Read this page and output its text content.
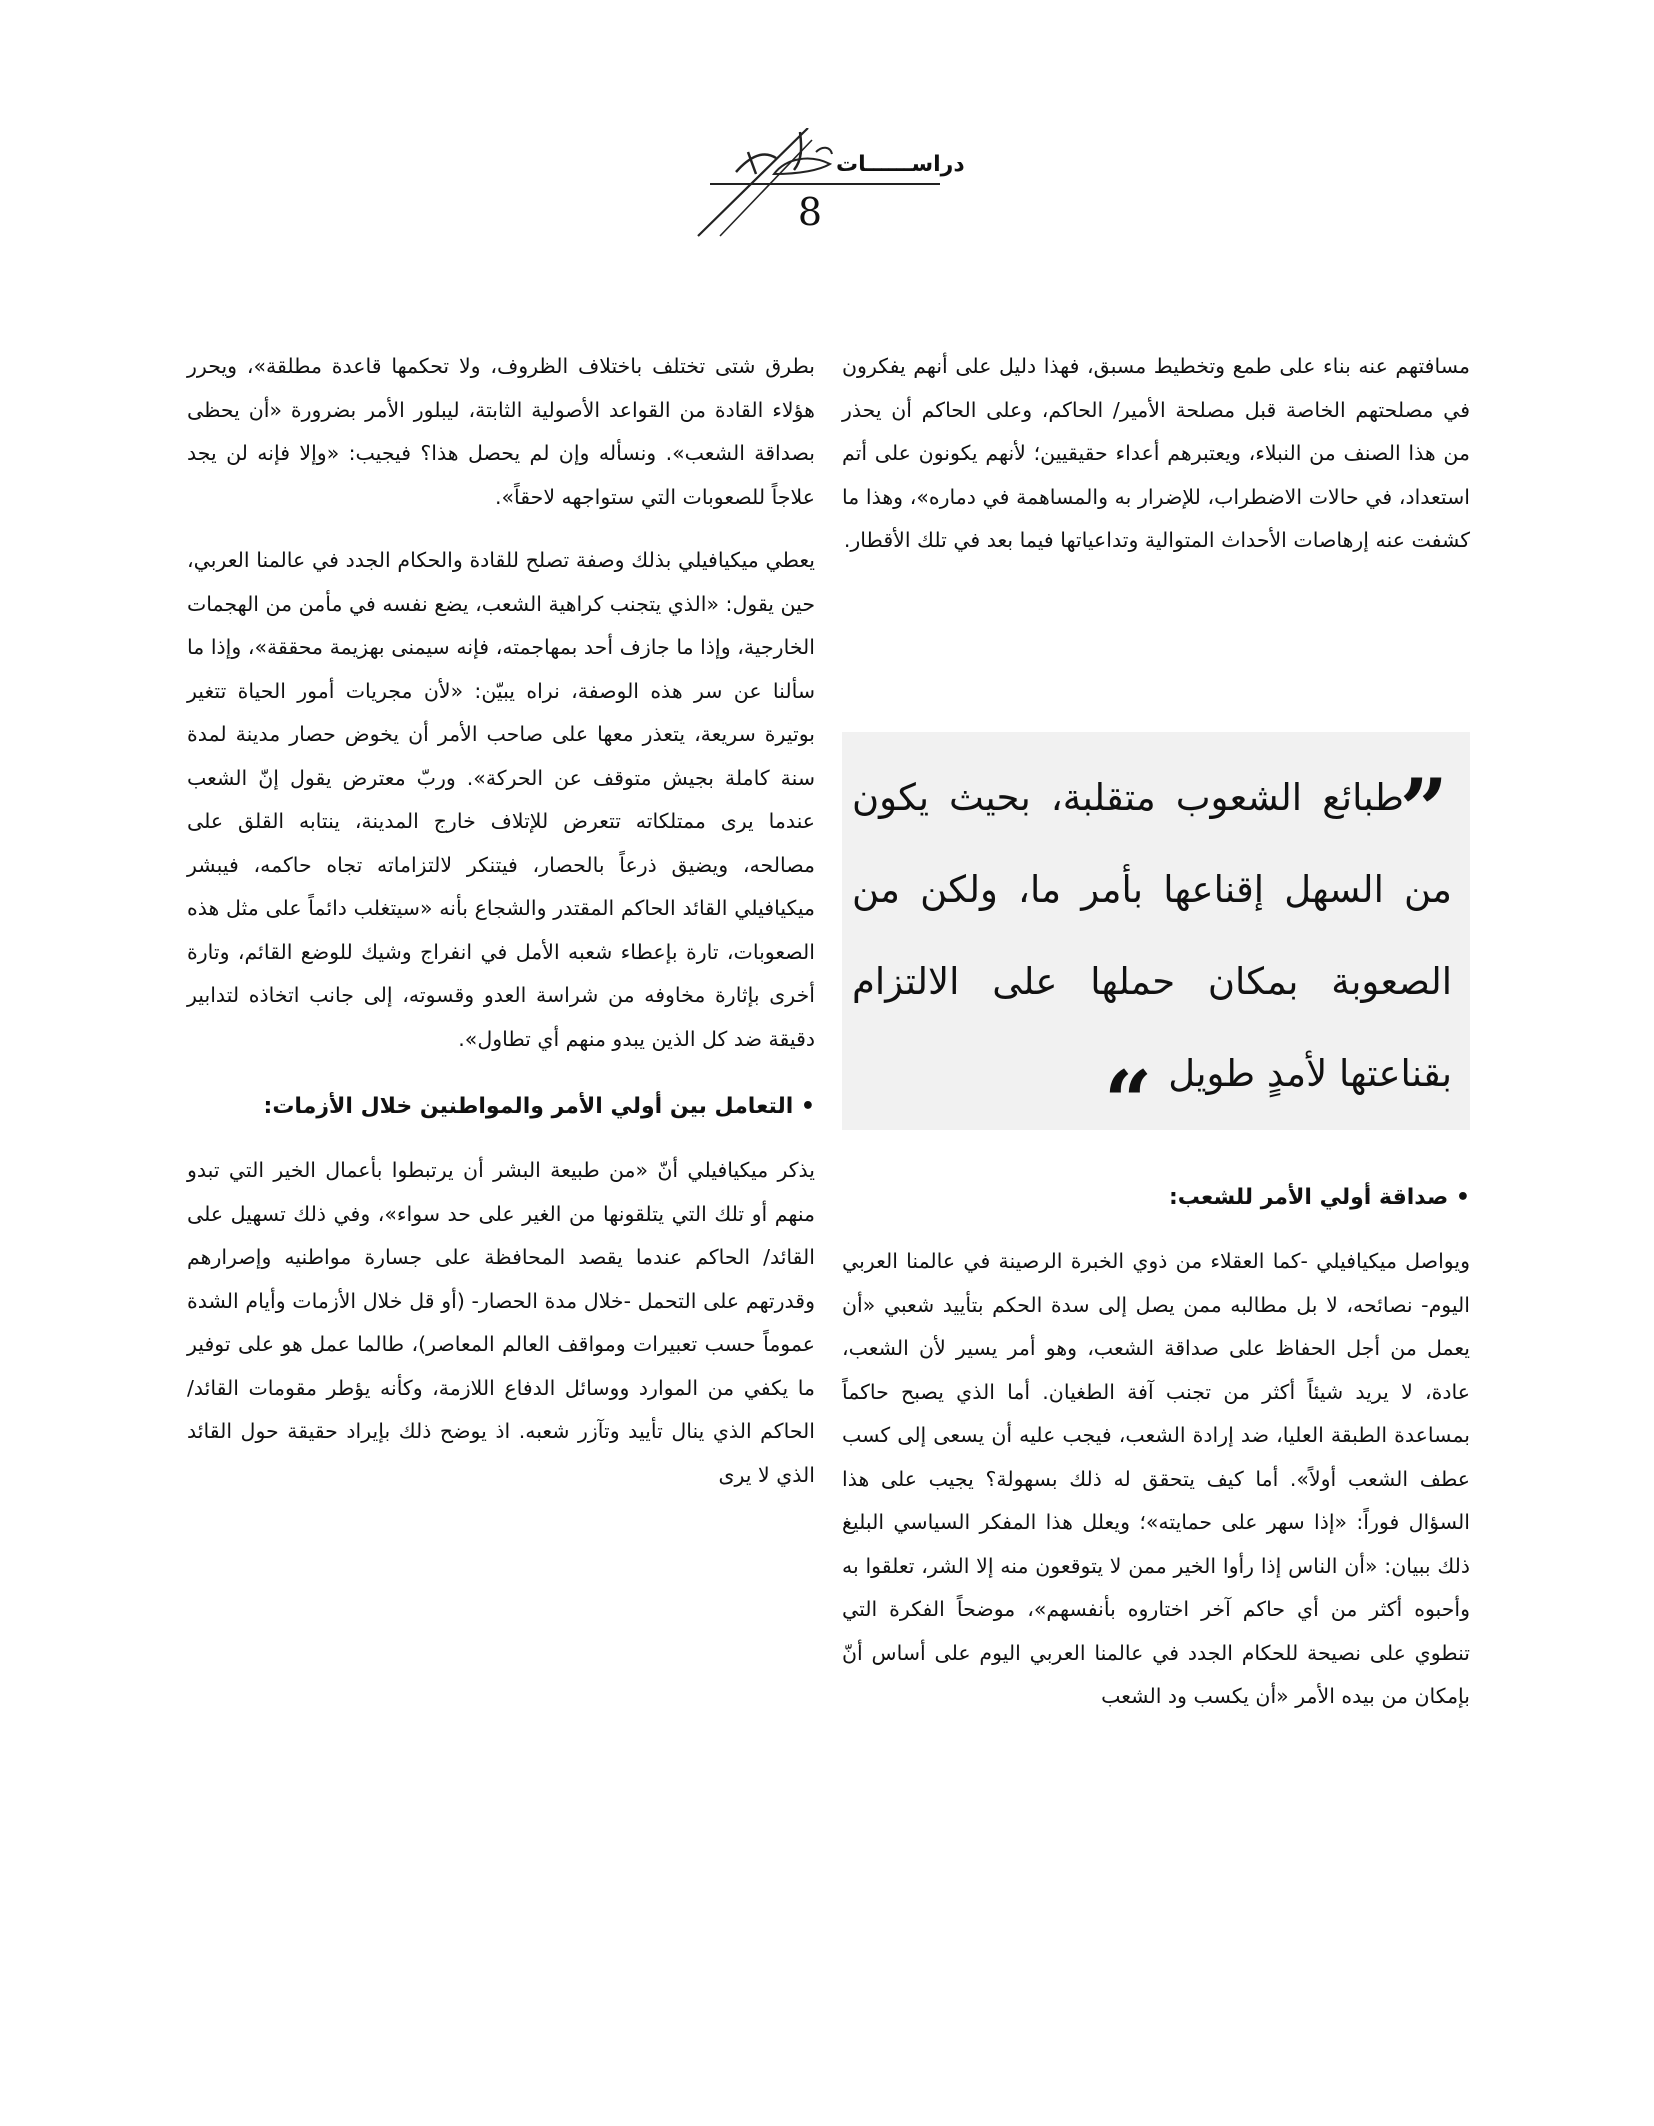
دراســــــات
8

مسافتهم عنه بناء على طمع وتخطيط مسبق، فهذا دليل على أنهم يفكرون في مصلحتهم الخاصة قبل مصلحة الأمير/ الحاكم، وعلى الحاكم أن يحذر من هذا الصنف من النبلاء، ويعتبرهم أعداء حقيقيين؛ لأنهم يكونون على أتم استعداد، في حالات الاضطراب، للإضرار به والمساهمة في دماره»، وهذا ما كشفت عنه إرهاصات الأحداث المتوالية وتداعياتها فيما بعد في تلك الأقطار.

”
طبائع الشعوب متقلبة، بحيث يكون من السهل إقناعها بأمر ما، ولكن من الصعوبة بمكان حملها على الالتزام بقناعتها لأمدٍ طويل
“
• صداقة أولي الأمر للشعب:

ويواصل ميكيافيلي -كما العقلاء من ذوي الخبرة الرصينة في عالمنا العربي اليوم- نصائحه، لا بل مطالبه ممن يصل إلى سدة الحكم بتأييد شعبي «أن يعمل من أجل الحفاظ على صداقة الشعب، وهو أمر يسير لأن الشعب، عادة، لا يريد شيئاً أكثر من تجنب آفة الطغيان. أما الذي يصبح حاكماً بمساعدة الطبقة العليا، ضد إرادة الشعب، فيجب عليه أن يسعى إلى كسب عطف الشعب أولاً». أما كيف يتحقق له ذلك بسهولة؟ يجيب على هذا السؤال فوراً: «إذا سهر على حمايته»؛ ويعلل هذا المفكر السياسي البليغ ذلك ببيان: «أن الناس إذا رأوا الخير ممن لا يتوقعون منه إلا الشر، تعلقوا به وأحبوه أكثر من أي حاكم آخر اختاروه بأنفسهم»، موضحاً الفكرة التي تنطوي على نصيحة للحكام الجدد في عالمنا العربي اليوم على أساس أنّ بإمكان من بيده الأمر «أن يكسب ود الشعب

بطرق شتى تختلف باختلاف الظروف، ولا تحكمها قاعدة مطلقة»، ويحرر هؤلاء القادة من القواعد الأصولية الثابتة، ليبلور الأمر بضرورة «أن يحظى بصداقة الشعب». ونسأله وإن لم يحصل هذا؟ فيجيب: «وإلا فإنه لن يجد علاجاً للصعوبات التي ستواجهه لاحقاً».

يعطي ميكيافيلي بذلك وصفة تصلح للقادة والحكام الجدد في عالمنا العربي، حين يقول: «الذي يتجنب كراهية الشعب، يضع نفسه في مأمن من الهجمات الخارجية، وإذا ما جازف أحد بمهاجمته، فإنه سيمنى بهزيمة محققة»، وإذا ما سألنا عن سر هذه الوصفة، نراه يبيّن: «لأن مجريات أمور الحياة تتغير بوتيرة سريعة، يتعذر معها على صاحب الأمر أن يخوض حصار مدينة لمدة سنة كاملة بجيش متوقف عن الحركة». وربّ معترض يقول إنّ الشعب عندما يرى ممتلكاته تتعرض للإتلاف خارج المدينة، ينتابه القلق على مصالحه، ويضيق ذرعاً بالحصار، فيتنكر لالتزاماته تجاه حاكمه، فيبشر ميكيافيلي القائد الحاكم المقتدر والشجاع بأنه «سيتغلب دائماً على مثل هذه الصعوبات، تارة بإعطاء شعبه الأمل في انفراج وشيك للوضع القائم، وتارة أخرى بإثارة مخاوفه من شراسة العدو وقسوته، إلى جانب اتخاذه لتدابير دقيقة ضد كل الذين يبدو منهم أي تطاول».

• التعامل بين أولي الأمر والمواطنين خلال الأزمات:

يذكر ميكيافيلي أنّ «من طبيعة البشر أن يرتبطوا بأعمال الخير التي تبدو منهم أو تلك التي يتلقونها من الغير على حد سواء»، وفي ذلك تسهيل على القائد/ الحاكم عندما يقصد المحافظة على جسارة مواطنيه وإصرارهم وقدرتهم على التحمل -خلال مدة الحصار- (أو قل خلال الأزمات وأيام الشدة عموماً حسب تعبيرات ومواقف العالم المعاصر)، طالما عمل هو على توفير ما يكفي من الموارد ووسائل الدفاع اللازمة، وكأنه يؤطر مقومات القائد/ الحاكم الذي ينال تأييد وتآزر شعبه. اذ يوضح ذلك بإيراد حقيقة حول القائد الذي لا يرى
